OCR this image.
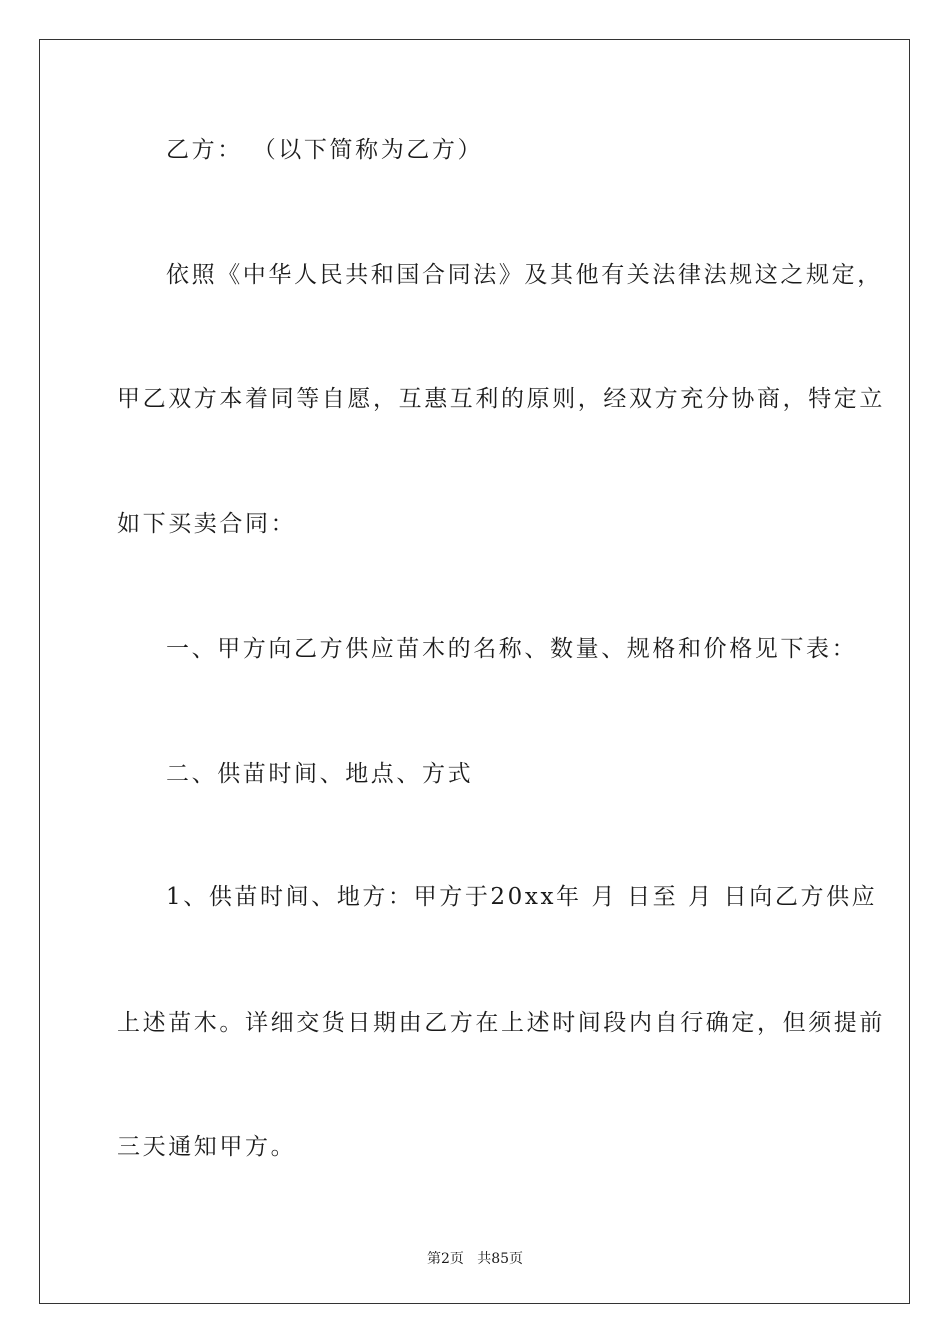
乙方： （以下简称为乙方）
依照《中华人民共和国合同法》及其他有关法律法规这之规定，
甲乙双方本着同等自愿，互惠互利的原则，经双方充分协商，特定立
如下买卖合同：
一、甲方向乙方供应苗木的名称、数量、规格和价格见下表：
二、供苗时间、地点、方式
1、供苗时间、地方：甲方于20xx年 月 日至 月 日向乙方供应
上述苗木。详细交货日期由乙方在上述时间段内自行确定，但须提前
三天通知甲方。
第2页   共85页
